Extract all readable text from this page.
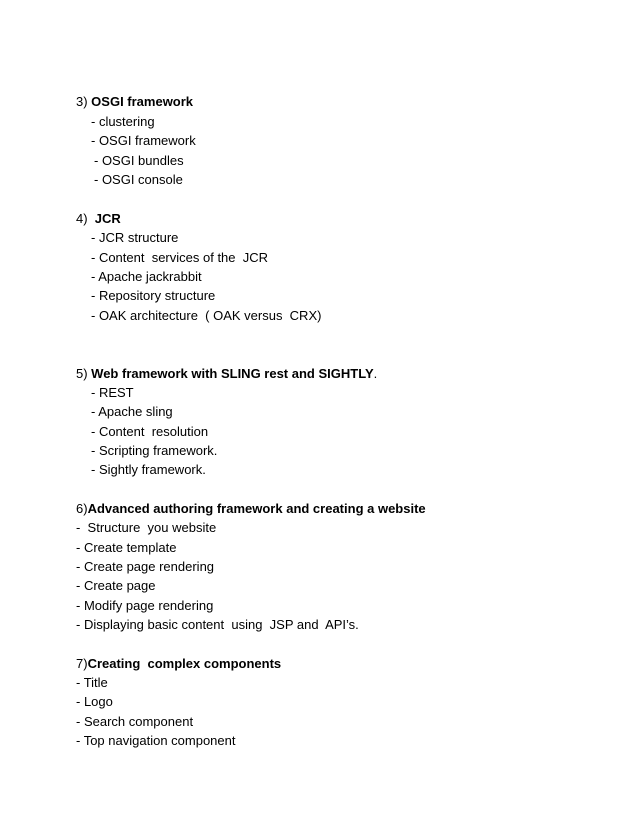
3) OSGI framework
- clustering
- OSGI framework
- OSGI bundles
- OSGI console
4)  JCR
- JCR structure
- Content  services of the  JCR
- Apache jackrabbit
- Repository structure
- OAK architecture  ( OAK versus  CRX)
5) Web framework with SLING rest and SIGHTLY.
- REST
- Apache sling
- Content  resolution
- Scripting framework.
- Sightly framework.
6)Advanced authoring framework and creating a website
-  Structure  you website
- Create template
- Create page rendering
- Create page
- Modify page rendering
- Displaying basic content  using  JSP and  API’s.
7)Creating  complex components
- Title
- Logo
- Search component
- Top navigation component
